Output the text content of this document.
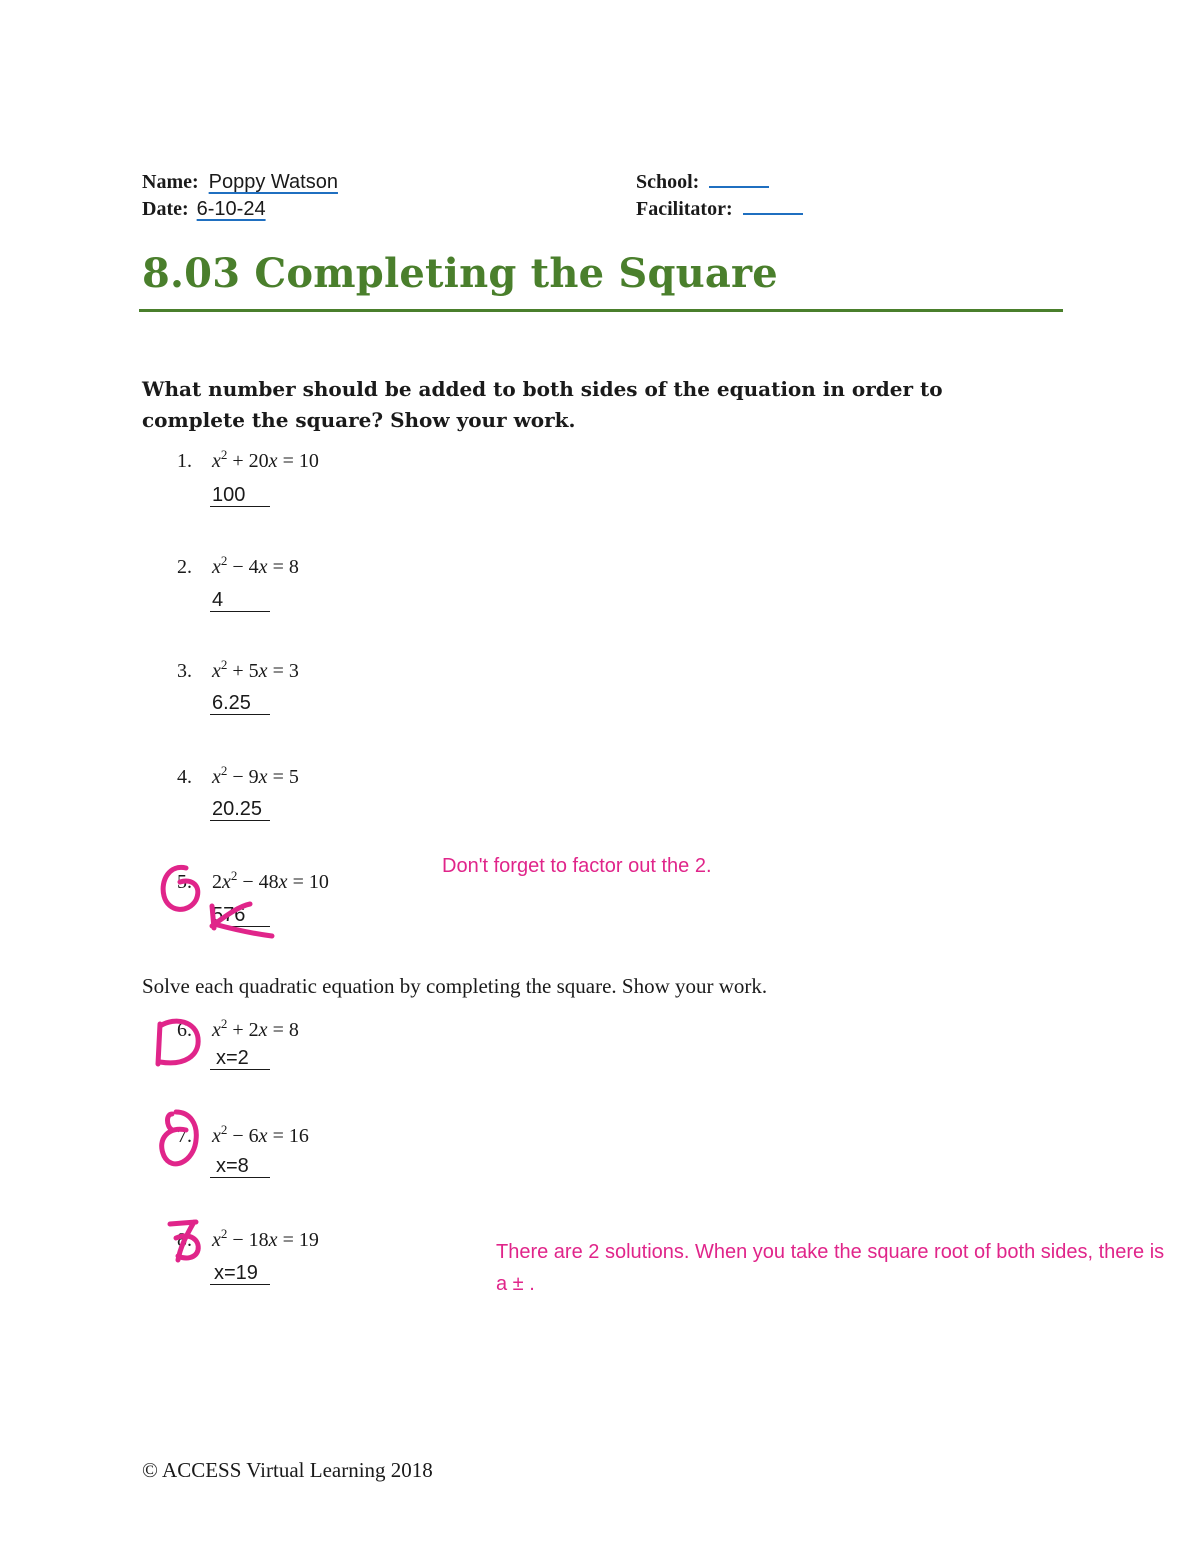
Name: Poppy Watson
Date: 6-10-24
School:
Facilitator:
8.03 Completing the Square
What number should be added to both sides of the equation in order to complete the square? Show your work.
1. $x^2 + 20x = 10$
100
2. $x^2 - 4x = 8$
4
3. $x^2 + 5x = 3$
6.25
4. $x^2 - 9x = 5$
20.25
5. $2x^2 - 48x = 10$
576
Don't forget to factor out the 2.
Solve each quadratic equation by completing the square. Show your work.
6. $x^2 + 2x = 8$
x=2
7. $x^2 - 6x = 16$
x=8
8. $x^2 - 18x = 19$
x=19
There are 2 solutions. When you take the square root of both sides, there is
a ± .
© ACCESS Virtual Learning 2018
